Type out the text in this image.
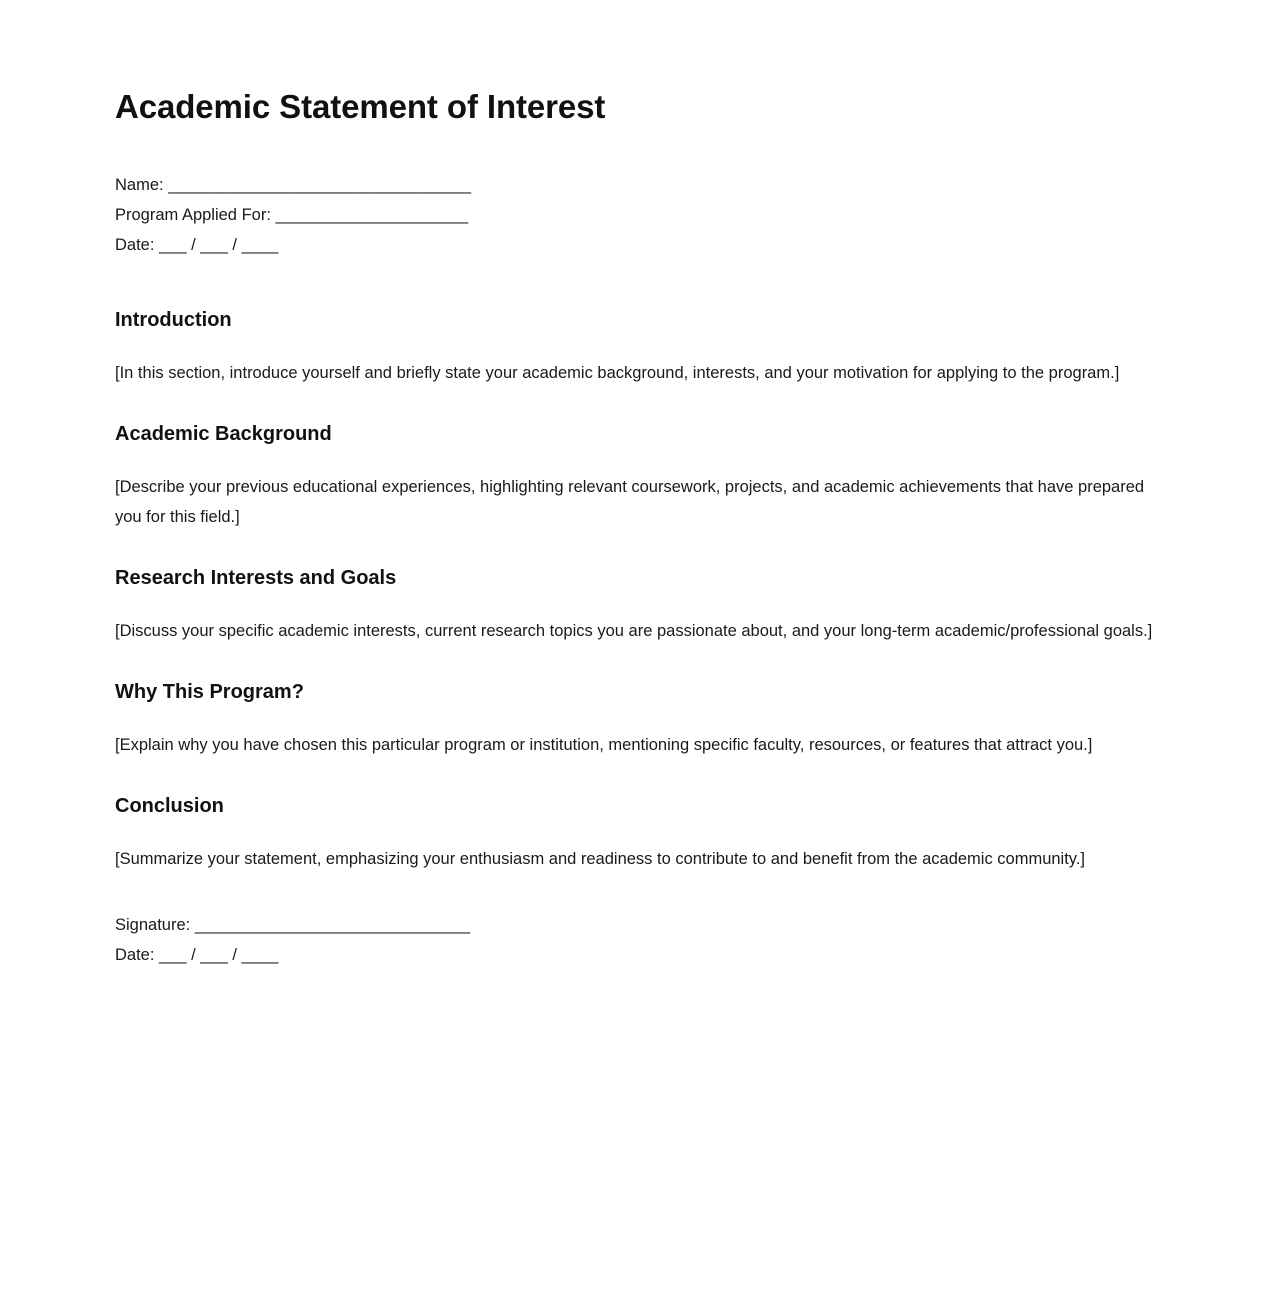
Academic Statement of Interest
Name: _________________________________
Program Applied For: _____________________
Date: ___ / ___ / ____
Introduction

[In this section, introduce yourself and briefly state your academic background, interests, and your motivation for applying to the program.]

Academic Background

[Describe your previous educational experiences, highlighting relevant coursework, projects, and academic achievements that have prepared you for this field.]

Research Interests and Goals

[Discuss your specific academic interests, current research topics you are passionate about, and your long-term academic/professional goals.]

Why This Program?

[Explain why you have chosen this particular program or institution, mentioning specific faculty, resources, or features that attract you.]

Conclusion

[Summarize your statement, emphasizing your enthusiasm and readiness to contribute to and benefit from the academic community.]

Signature: ______________________________
Date: ___ / ___ / ____
